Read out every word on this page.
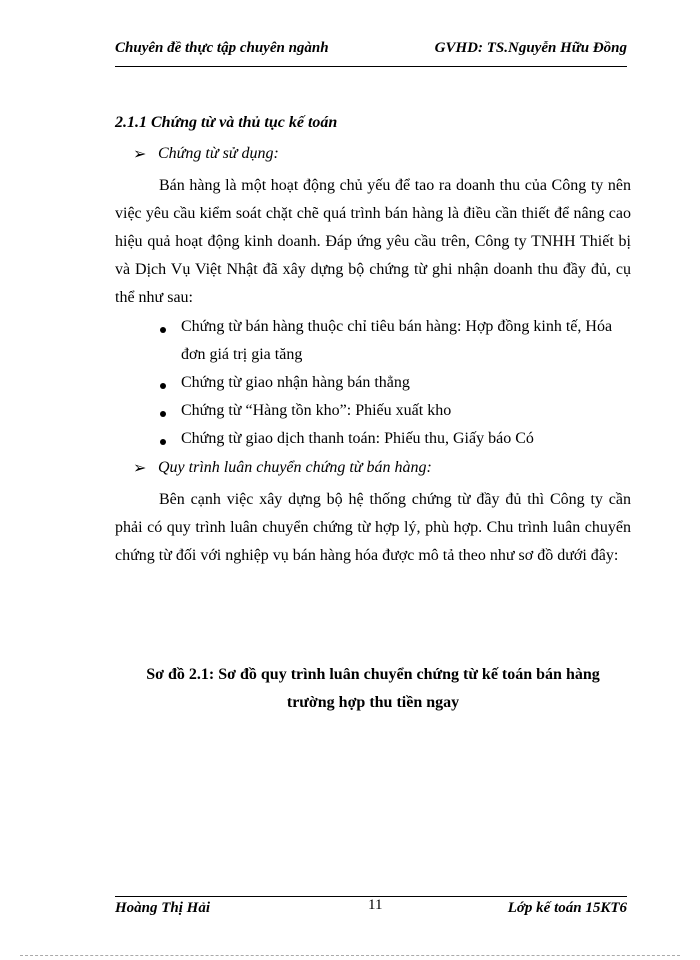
Chuyên đề thực tập chuyên ngành	GVHD: TS.Nguyễn Hữu Đồng
2.1.1 Chứng từ và thủ tục kế toán
➢ Chứng từ sử dụng:
Bán hàng là một hoạt động chủ yếu để tao ra doanh thu của Công ty nên việc yêu cầu kiểm soát chặt chẽ quá trình bán hàng là điều cần thiết để nâng cao hiệu quả hoạt động kinh doanh. Đáp ứng yêu cầu trên, Công ty TNHH Thiết bị và Dịch Vụ Việt Nhật đã xây dựng bộ chứng từ ghi nhận doanh thu đầy đủ, cụ thể như sau:
Chứng từ bán hàng thuộc chỉ tiêu bán hàng: Hợp đồng kinh tế, Hóa
đơn giá trị gia tăng
Chứng từ giao nhận hàng bán thẳng
Chứng từ “Hàng tồn kho”: Phiếu xuất kho
Chứng từ giao dịch thanh toán: Phiếu thu, Giấy báo Có
➢ Quy trình luân chuyển chứng từ bán hàng:
Bên cạnh việc xây dựng bộ hệ thống chứng từ đầy đủ thì Công ty cần phải có quy trình luân chuyển chứng từ hợp lý, phù hợp. Chu trình luân chuyển chứng từ đối với nghiệp vụ bán hàng hóa được mô tả theo như sơ đồ dưới đây:
Sơ đồ 2.1: Sơ đồ quy trình luân chuyển chứng từ kế toán bán hàng
trường hợp thu tiền ngay
Hoàng Thị Hải	11	Lớp kế toán 15KT6
